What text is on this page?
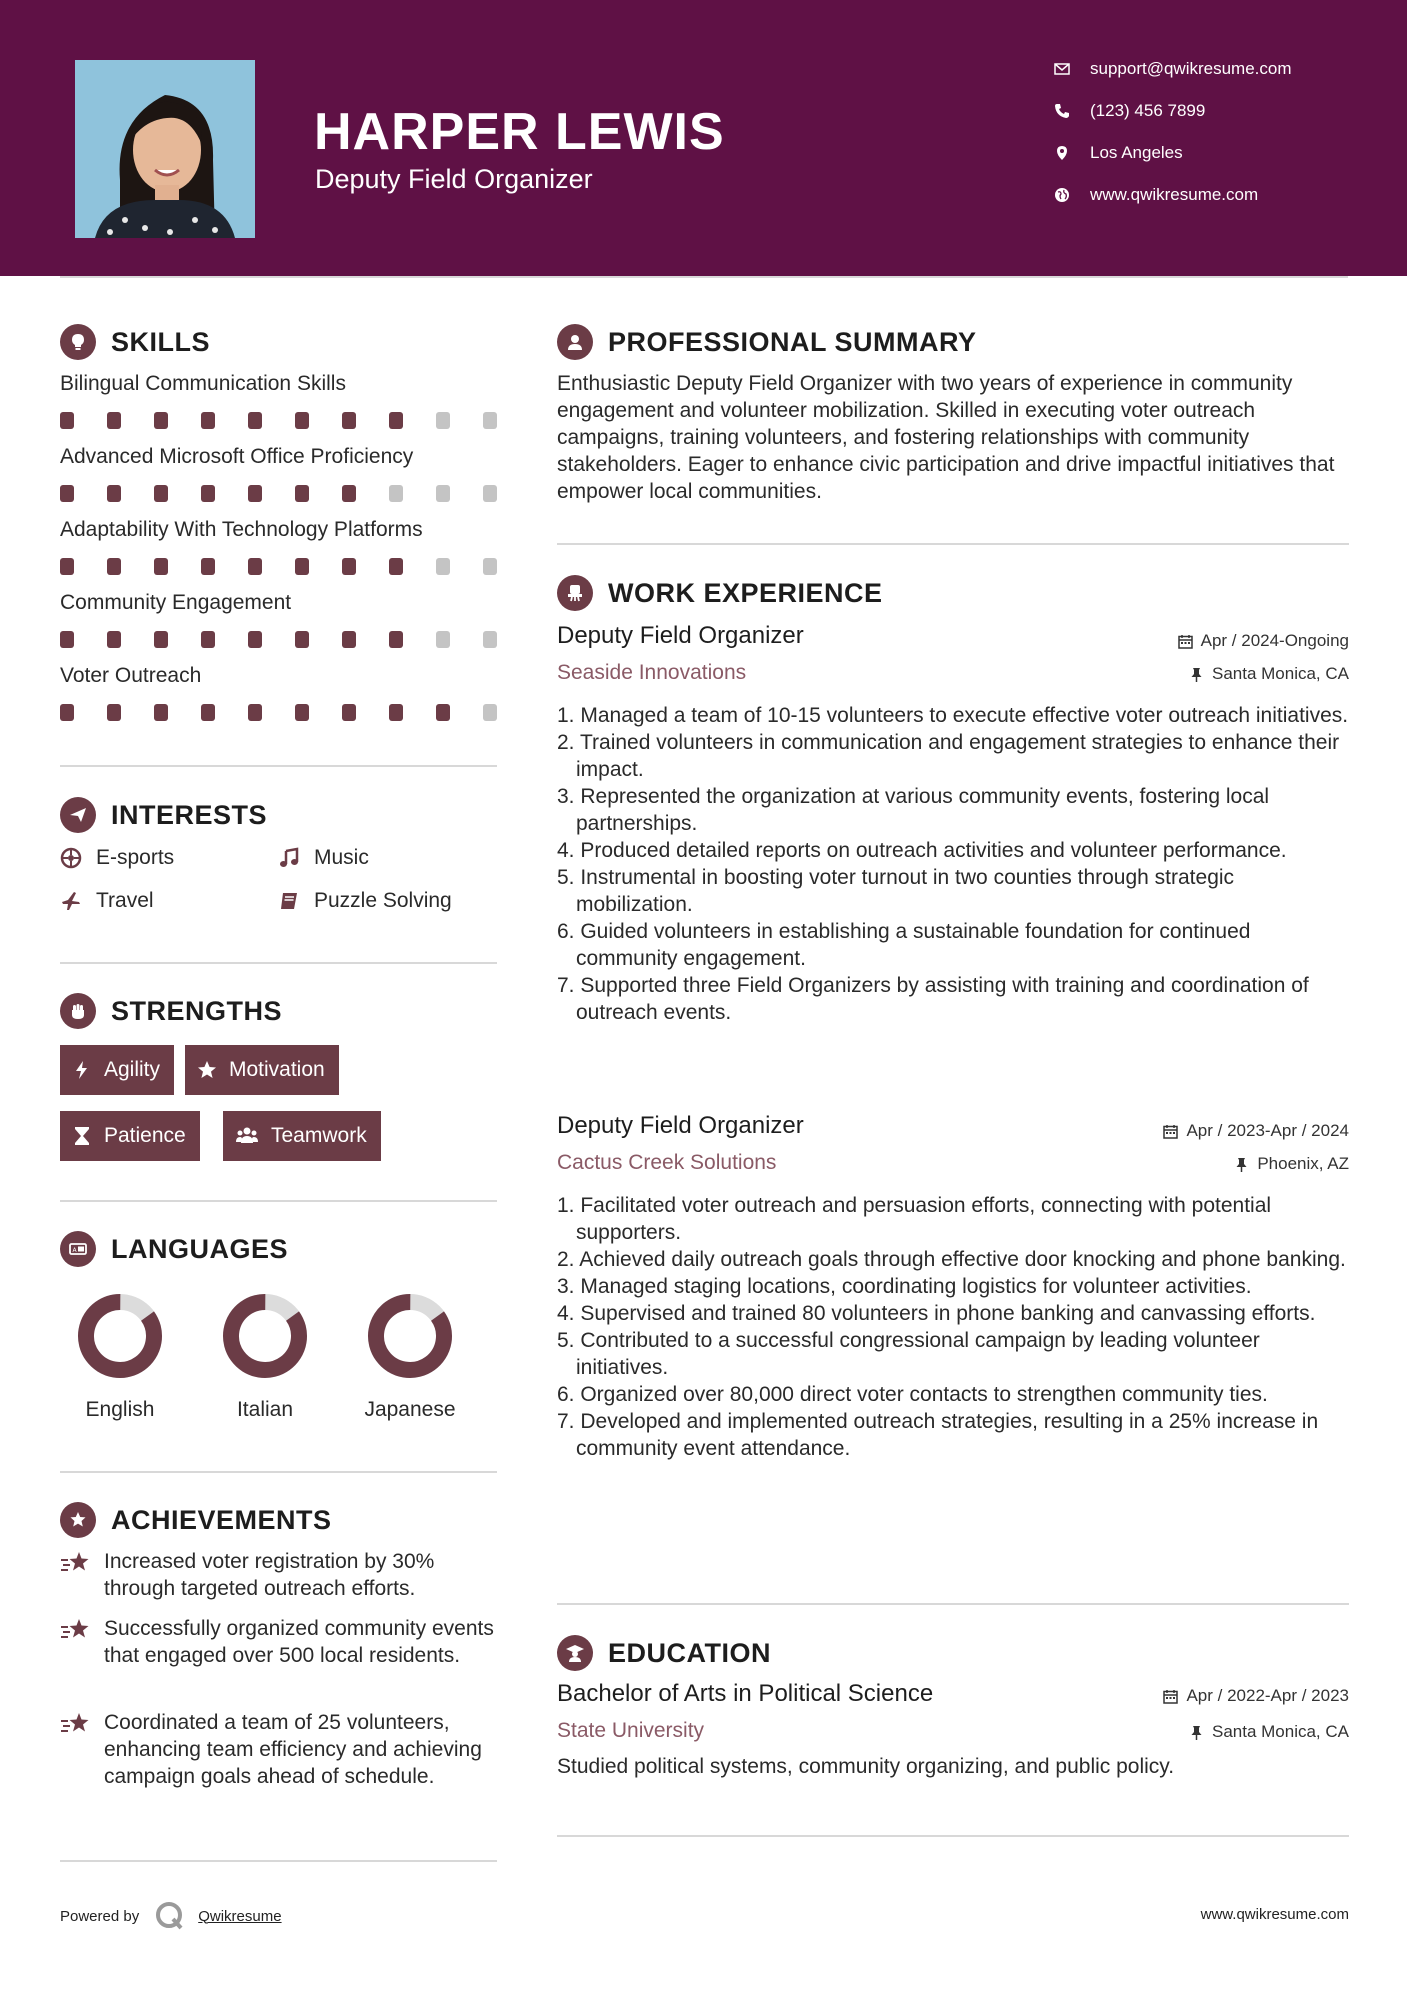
HARPER LEWIS
Deputy Field Organizer
support@qwikresume.com
(123) 456 7899
Los Angeles
www.qwikresume.com
SKILLS
Bilingual Communication Skills
Advanced Microsoft Office Proficiency
Adaptability With Technology Platforms
Community Engagement
Voter Outreach
INTERESTS
E-sports	Music
Travel	Puzzle Solving
STRENGTHS
Agility	Motivation
Patience	Teamwork
A LANGUAGES
English	Italian	Japanese
ACHIEVEMENTS
Increased voter registration by 30% through targeted outreach efforts.
Successfully organized community events that engaged over 500 local residents.
Coordinated a team of 25 volunteers, enhancing team efficiency and achieving campaign goals ahead of schedule.
PROFESSIONAL SUMMARY
Enthusiastic Deputy Field Organizer with two years of experience in community engagement and volunteer mobilization. Skilled in executing voter outreach campaigns, training volunteers, and fostering relationships with community stakeholders. Eager to enhance civic participation and drive impactful initiatives that empower local communities.
WORK EXPERIENCE
Deputy Field Organizer	Apr / 2024-Ongoing
Seaside Innovations	Santa Monica, CA
1. Managed a team of 10-15 volunteers to execute effective voter outreach initiatives.
2. Trained volunteers in communication and engagement strategies to enhance their impact.
3. Represented the organization at various community events, fostering local partnerships.
4. Produced detailed reports on outreach activities and volunteer performance.
5. Instrumental in boosting voter turnout in two counties through strategic mobilization.
6. Guided volunteers in establishing a sustainable foundation for continued community engagement.
7. Supported three Field Organizers by assisting with training and coordination of outreach events.
Deputy Field Organizer	Apr / 2023-Apr / 2024
Cactus Creek Solutions	Phoenix, AZ
1. Facilitated voter outreach and persuasion efforts, connecting with potential supporters.
2. Achieved daily outreach goals through effective door knocking and phone banking.
3. Managed staging locations, coordinating logistics for volunteer activities.
4. Supervised and trained 80 volunteers in phone banking and canvassing efforts.
5. Contributed to a successful congressional campaign by leading volunteer initiatives.
6. Organized over 80,000 direct voter contacts to strengthen community ties.
7. Developed and implemented outreach strategies, resulting in a 25% increase in community event attendance.
EDUCATION
Bachelor of Arts in Political Science	Apr / 2022-Apr / 2023
State University	Santa Monica, CA
Studied political systems, community organizing, and public policy.
Powered by	Qwikresume	www.qwikresume.com
